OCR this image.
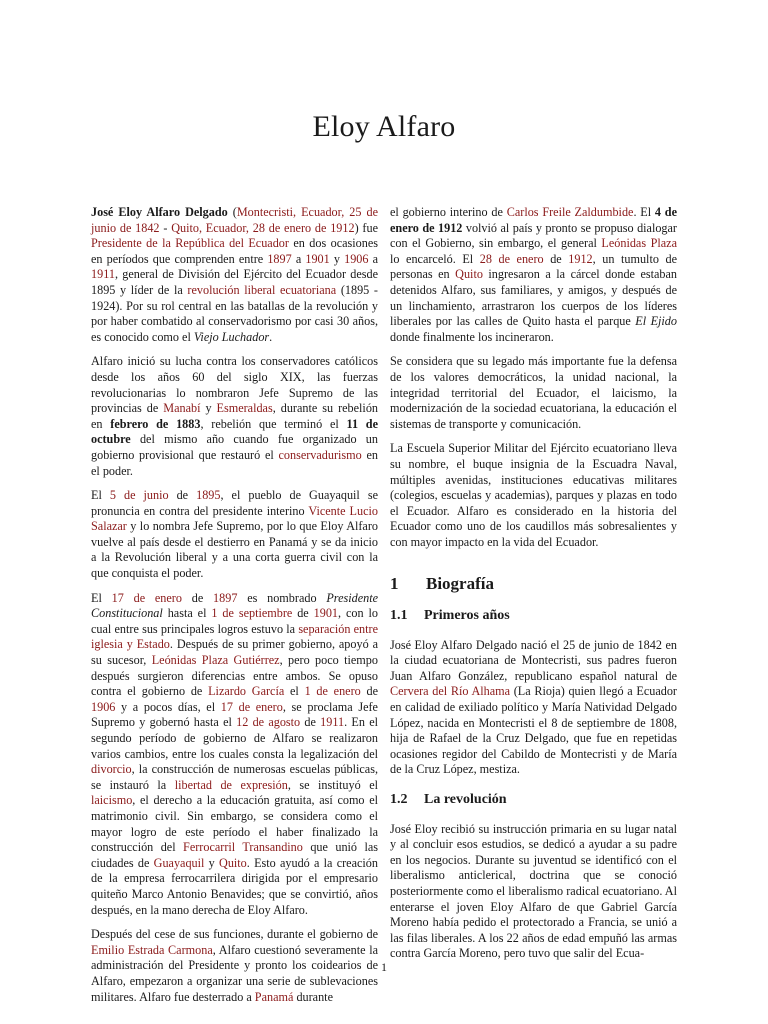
Eloy Alfaro

José Eloy Alfaro Delgado (Montecristi, Ecuador, 25 de junio de 1842 - Quito, Ecuador, 28 de enero de 1912) fue Presidente de la República del Ecuador en dos ocasiones en períodos que comprenden entre 1897 a 1901 y 1906 a 1911, general de División del Ejército del Ecuador desde 1895 y líder de la revolución liberal ecuatoriana (1895 - 1924). Por su rol central en las batallas de la revolución y por haber combatido al conservadorismo por casi 30 años, es conocido como el Viejo Luchador.

Alfaro inició su lucha contra los conservadores católicos desde los años 60 del siglo XIX, las fuerzas revolucionarias lo nombraron Jefe Supremo de las provincias de Manabí y Esmeraldas, durante su rebelión en febrero de 1883, rebelión que terminó el 11 de octubre del mismo año cuando fue organizado un gobierno provisional que restauró el conservadurismo en el poder.

El 5 de junio de 1895, el pueblo de Guayaquil se pronuncia en contra del presidente interino Vicente Lucio Salazar y lo nombra Jefe Supremo, por lo que Eloy Alfaro vuelve al país desde el destierro en Panamá y se da inicio a la Revolución liberal y a una corta guerra civil con la que conquista el poder.

El 17 de enero de 1897 es nombrado Presidente Constitucional hasta el 1 de septiembre de 1901, con lo cual entre sus principales logros estuvo la separación entre iglesia y Estado. Después de su primer gobierno, apoyó a su sucesor, Leónidas Plaza Gutiérrez, pero poco tiempo después surgieron diferencias entre ambos. Se opuso contra el gobierno de Lizardo García el 1 de enero de 1906 y a pocos días, el 17 de enero, se proclama Jefe Supremo y gobernó hasta el 12 de agosto de 1911. En el segundo período de gobierno de Alfaro se realizaron varios cambios, entre los cuales consta la legalización del divorcio, la construcción de numerosas escuelas públicas, se instauró la libertad de expresión, se instituyó el laicismo, el derecho a la educación gratuita, así como el matrimonio civil. Sin embargo, se considera como el mayor logro de este período el haber finalizado la construcción del Ferrocarril Transandino que unió las ciudades de Guayaquil y Quito. Esto ayudó a la creación de la empresa ferrocarrilera dirigida por el empresario quiteño Marco Antonio Benavides; que se convirtió, años después, en la mano derecha de Eloy Alfaro.

Después del cese de sus funciones, durante el gobierno de Emilio Estrada Carmona, Alfaro cuestionó severamente la administración del Presidente y pronto los coidearios de Alfaro, empezaron a organizar una serie de sublevaciones militares. Alfaro fue desterrado a Panamá durante

el gobierno interino de Carlos Freile Zaldumbide. El 4 de enero de 1912 volvió al país y pronto se propuso dialogar con el Gobierno, sin embargo, el general Leónidas Plaza lo encarceló. El 28 de enero de 1912, un tumulto de personas en Quito ingresaron a la cárcel donde estaban detenidos Alfaro, sus familiares, y amigos, y después de un linchamiento, arrastraron los cuerpos de los líderes liberales por las calles de Quito hasta el parque El Ejido donde finalmente los incineraron.

Se considera que su legado más importante fue la defensa de los valores democráticos, la unidad nacional, la integridad territorial del Ecuador, el laicismo, la modernización de la sociedad ecuatoriana, la educación el sistemas de transporte y comunicación.

La Escuela Superior Militar del Ejército ecuatoriano lleva su nombre, el buque insignia de la Escuadra Naval, múltiples avenidas, instituciones educativas militares (colegios, escuelas y academias), parques y plazas en todo el Ecuador. Alfaro es considerado en la historia del Ecuador como uno de los caudillos más sobresalientes y con mayor impacto en la vida del Ecuador.

1 Biografía
1.1 Primeros años

José Eloy Alfaro Delgado nació el 25 de junio de 1842 en la ciudad ecuatoriana de Montecristi, sus padres fueron Juan Alfaro González, republicano español natural de Cervera del Río Alhama (La Rioja) quien llegó a Ecuador en calidad de exiliado político y María Natividad Delgado López, nacida en Montecristi el 8 de septiembre de 1808, hija de Rafael de la Cruz Delgado, que fue en repetidas ocasiones regidor del Cabildo de Montecristi y de María de la Cruz López, mestiza.

1.2 La revolución

José Eloy recibió su instrucción primaria en su lugar natal y al concluir esos estudios, se dedicó a ayudar a su padre en los negocios. Durante su juventud se identificó con el liberalismo anticlerical, doctrina que se conoció posteriormente como el liberalismo radical ecuatoriano. Al enterarse el joven Eloy Alfaro de que Gabriel García Moreno había pedido el protectorado a Francia, se unió a las filas liberales. A los 22 años de edad empuñó las armas contra García Moreno, pero tuvo que salir del Ecua-

1
